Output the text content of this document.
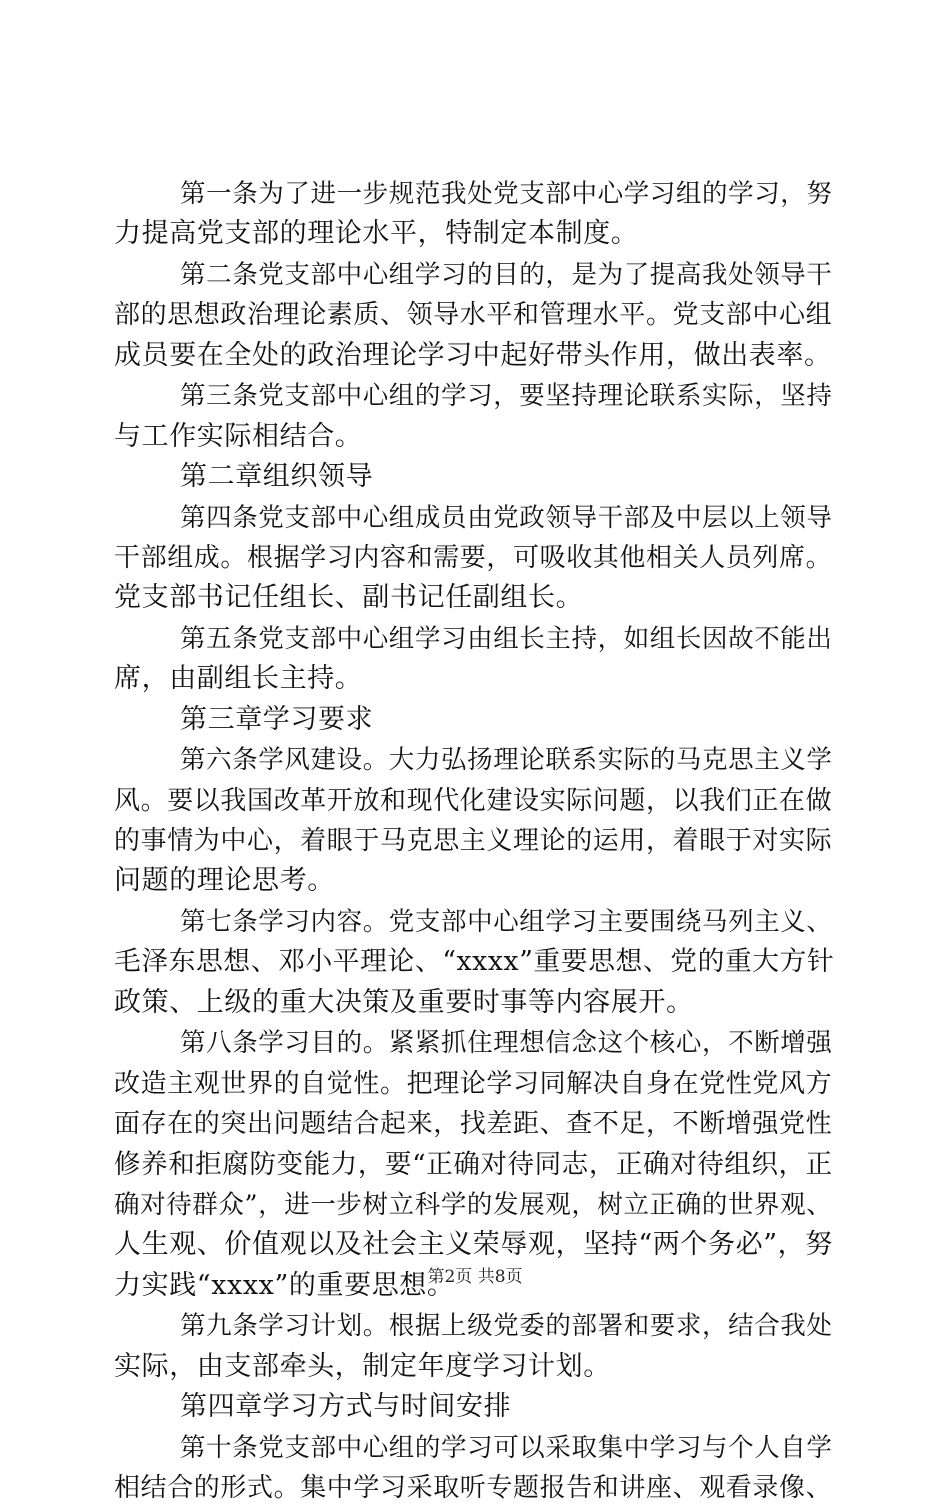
第一条为了进一步规范我处党支部中心学习组的学习，努
力提高党支部的理论水平，特制定本制度。
第二条党支部中心组学习的目的，是为了提高我处领导干
部的思想政治理论素质、领导水平和管理水平。党支部中心组
成员要在全处的政治理论学习中起好带头作用，做出表率。
第三条党支部中心组的学习，要坚持理论联系实际，坚持
与工作实际相结合。
第二章组织领导
第四条党支部中心组成员由党政领导干部及中层以上领导
干部组成。根据学习内容和需要，可吸收其他相关人员列席。
党支部书记任组长、副书记任副组长。
第五条党支部中心组学习由组长主持，如组长因故不能出
席，由副组长主持。
第三章学习要求
第六条学风建设。大力弘扬理论联系实际的马克思主义学
风。要以我国改革开放和现代化建设实际问题，以我们正在做
的事情为中心，着眼于马克思主义理论的运用，着眼于对实际
问题的理论思考。
第七条学习内容。党支部中心组学习主要围绕马列主义、
毛泽东思想、邓小平理论、“xxxx”重要思想、党的重大方针
政策、上级的重大决策及重要时事等内容展开。
第八条学习目的。紧紧抓住理想信念这个核心，不断增强
改造主观世界的自觉性。把理论学习同解决自身在党性党风方
面存在的突出问题结合起来，找差距、查不足，不断增强党性
修养和拒腐防变能力，要“正确对待同志，正确对待组织，正
确对待群众”，进一步树立科学的发展观，树立正确的世界观、
人生观、价值观以及社会主义荣辱观，坚持“两个务必”，努
力实践“xxxx”的重要思想。
第九条学习计划。根据上级党委的部署和要求，结合我处
实际，由支部牵头，制定年度学习计划。
第四章学习方式与时间安排
第十条党支部中心组的学习可以采取集中学习与个人自学
相结合的形式。集中学习采取听专题报告和讲座、观看录像、
第2页 共8页
